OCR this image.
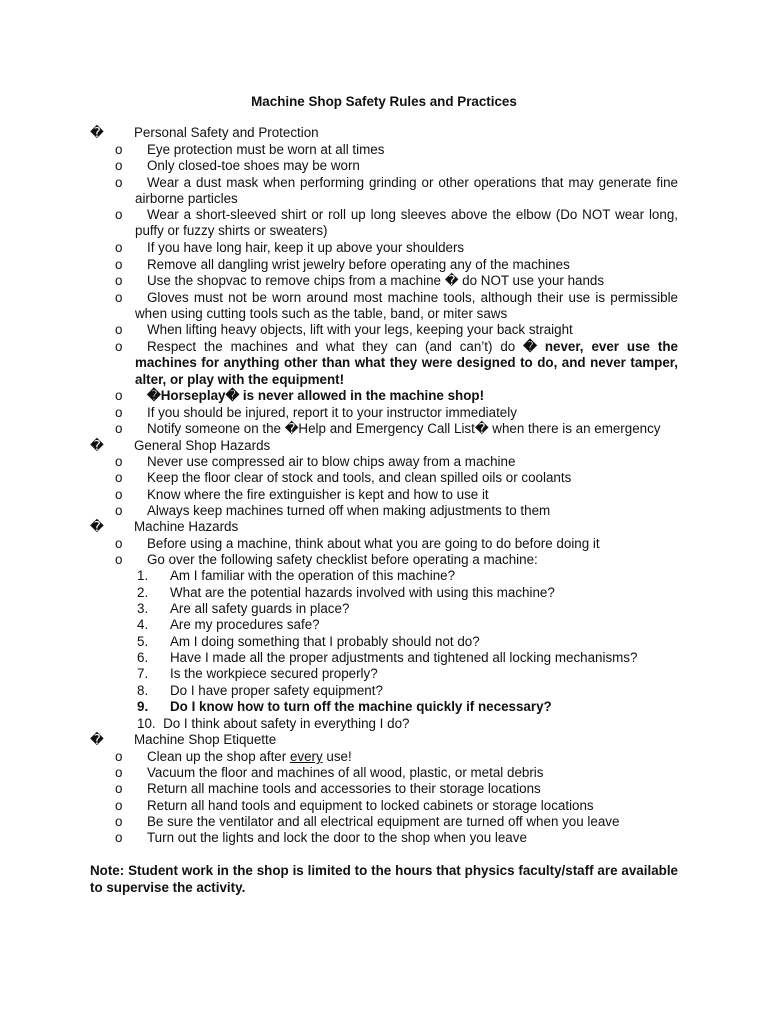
Machine Shop Safety Rules and Practices
� Personal Safety and Protection
o Eye protection must be worn at all times
o Only closed-toe shoes may be worn
o	Wear a dust mask when performing grinding or other operations that may generate fine airborne particles
o	Wear a short-sleeved shirt or roll up long sleeves above the elbow (Do NOT wear long, puffy or fuzzy shirts or sweaters)
o If you have long hair, keep it up above your shoulders
o Remove all dangling wrist jewelry before operating any of the machines
o Use the shopvac to remove chips from a machine � do NOT use your hands
o	Gloves must not be worn around most machine tools, although their use is permissible when using cutting tools such as the table, band, or miter saws
o When lifting heavy objects, lift with your legs, keeping your back straight
o	Respect the machines and what they can (and can’t) do � never, ever use the machines for anything other than what they were designed to do, and never tamper, alter, or play with the equipment!
o �Horseplay� is never allowed in the machine shop!
o If you should be injured, report it to your instructor immediately
o Notify someone on the �Help and Emergency Call List� when there is an emergency
� General Shop Hazards
o Never use compressed air to blow chips away from a machine
o Keep the floor clear of stock and tools, and clean spilled oils or coolants
o Know where the fire extinguisher is kept and how to use it
o Always keep machines turned off when making adjustments to them
� Machine Hazards
o Before using a machine, think about what you are going to do before doing it
o Go over the following safety checklist before operating a machine:
1. Am I familiar with the operation of this machine?
2. What are the potential hazards involved with using this machine?
3. Are all safety guards in place?
4. Are my procedures safe?
5. Am I doing something that I probably should not do?
6. Have I made all the proper adjustments and tightened all locking mechanisms?
7. Is the workpiece secured properly?
8. Do I have proper safety equipment?
9. Do I know how to turn off the machine quickly if necessary?
10. Do I think about safety in everything I do?
� Machine Shop Etiquette
o Clean up the shop after every use!
o Vacuum the floor and machines of all wood, plastic, or metal debris
o Return all machine tools and accessories to their storage locations
o Return all hand tools and equipment to locked cabinets or storage locations
o Be sure the ventilator and all electrical equipment are turned off when you leave
o Turn out the lights and lock the door to the shop when you leave
Note: Student work in the shop is limited to the hours that physics faculty/staff are available to supervise the activity.
